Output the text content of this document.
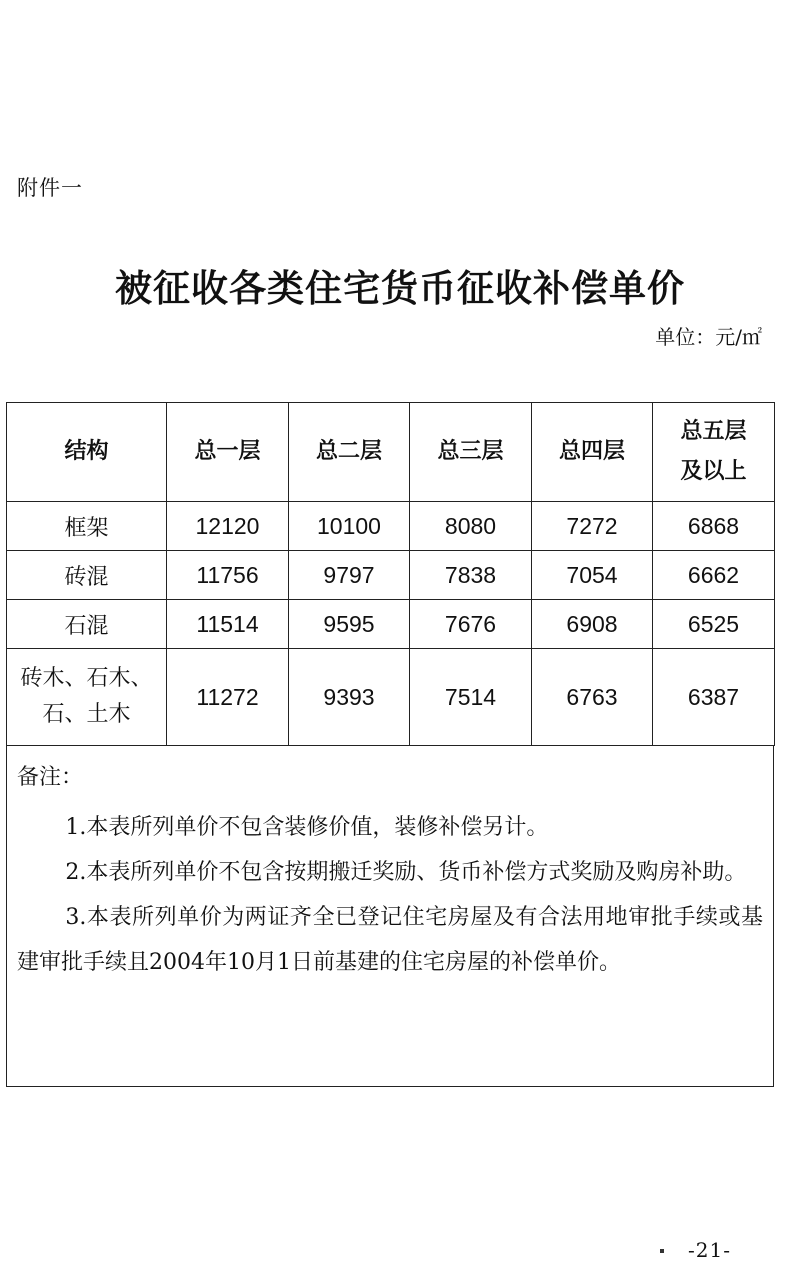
附件一
被征收各类住宅货币征收补偿单价
单位：元/㎡
结构	总一层	总二层	总三层	总四层	总五层
及以上
框架	12120	10100	8080	7272	6868
砖混	11756	9797	7838	7054	6662
石混	11514	9595	7676	6908	6525
砖木、石木、
石、土木	11272	9393	7514	6763	6387
备注：

1.本表所列单价不包含装修价值，装修补偿另计。

2.本表所列单价不包含按期搬迁奖励、货币补偿方式奖励及购房补助。

3.本表所列单价为两证齐全已登记住宅房屋及有合法用地审批手续或基建审批手续且2004年10月1日前基建的住宅房屋的补偿单价。

-21-
